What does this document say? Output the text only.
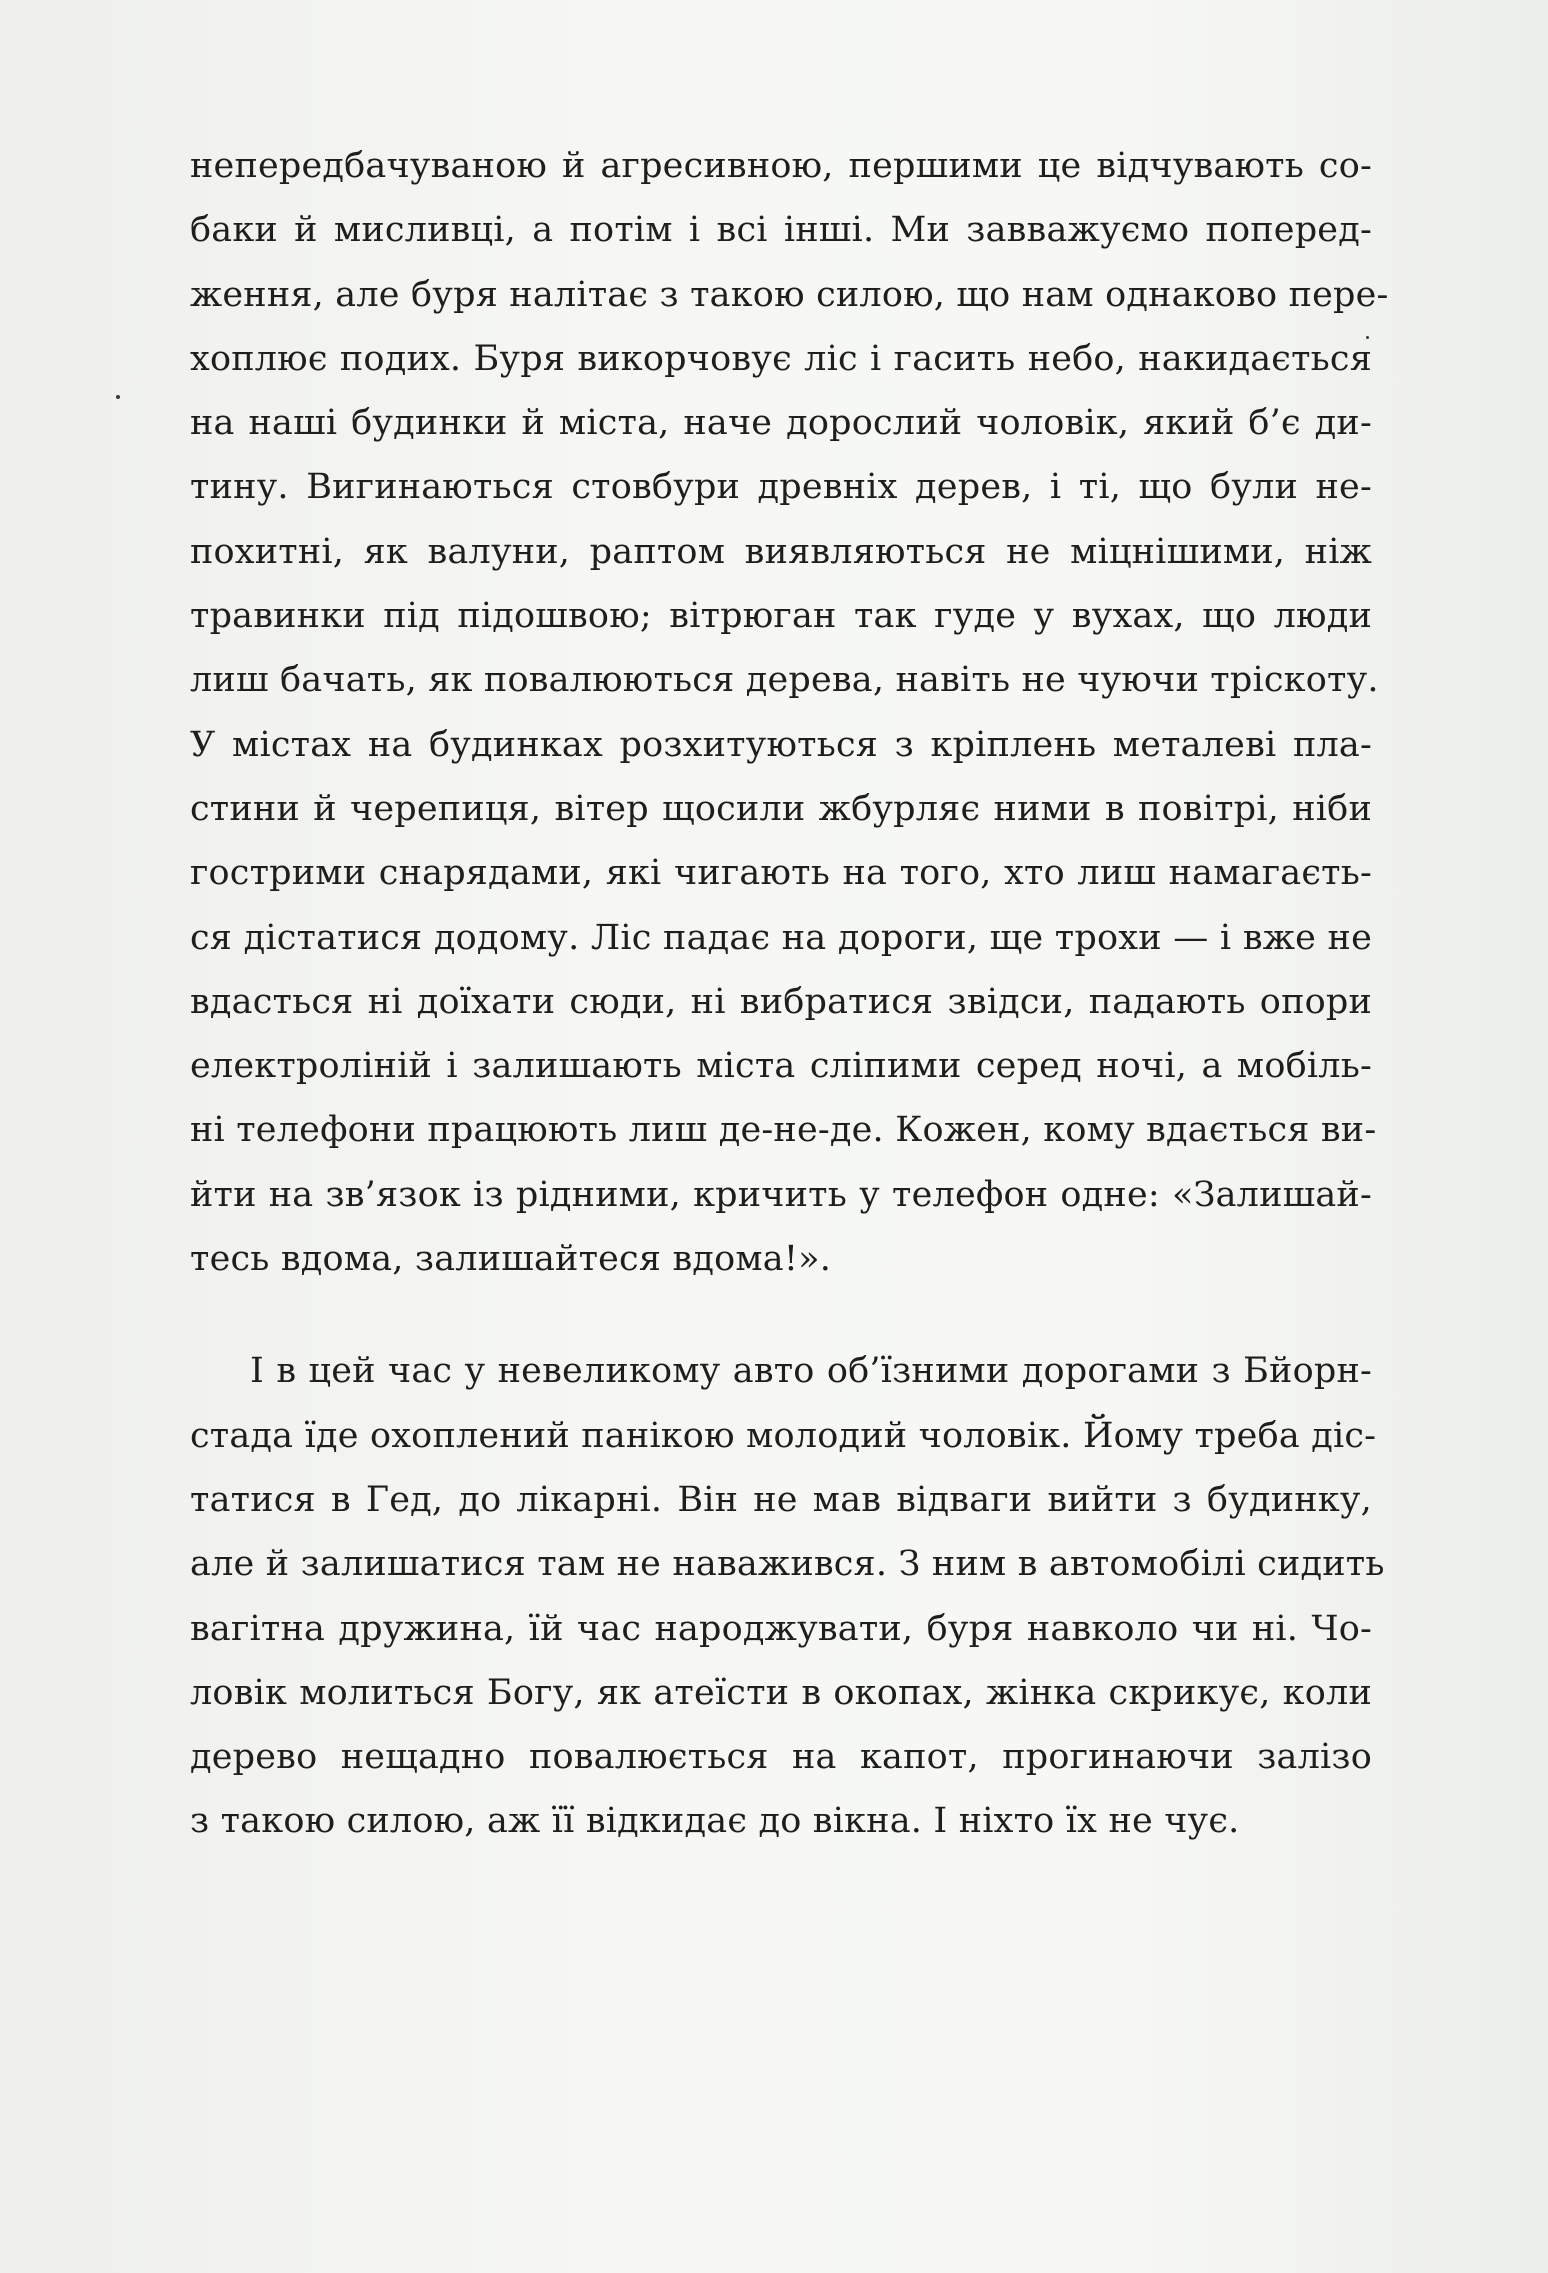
непередбачуваною й агресивною, першими це відчувають со-
баки й мисливці, а потім і всі інші. Ми завважуємо поперед-
ження, але буря налітає з такою силою, що нам однаково пере-
хоплює подих. Буря викорчовує ліс і гасить небо, накидається
на наші будинки й міста, наче дорослий чоловік, який б’є ди-
тину. Вигинаються стовбури древніх дерев, і ті, що були не-
похитні, як валуни, раптом виявляються не міцнішими, ніж
травинки під підошвою; вітрюган так гуде у вухах, що люди
лиш бачать, як повалюються дерева, навіть не чуючи тріскоту.
У містах на будинках розхитуються з кріплень металеві пла-
стини й черепиця, вітер щосили жбурляє ними в повітрі, ніби
гострими снарядами, які чигають на того, хто лиш намагаєть-
ся дістатися додому. Ліс падає на дороги, ще трохи — і вже не
вдасться ні доїхати сюди, ні вибратися звідси, падають опори
електроліній і залишають міста сліпими серед ночі, а мобіль-
ні телефони працюють лиш де-не-де. Кожен, кому вдається ви-
йти на зв’язок із рідними, кричить у телефон одне: «Залишай-
тесь вдома, залишайтеся вдома!».
І в цей час у невеликому авто об’їзними дорогами з Бйорн-
стада їде охоплений панікою молодий чоловік. Йому треба діс-
татися в Гед, до лікарні. Він не мав відваги вийти з будинку,
але й залишатися там не наважився. З ним в автомобілі сидить
вагітна дружина, їй час народжувати, буря навколо чи ні. Чо-
ловік молиться Богу, як атеїсти в окопах, жінка скрикує, коли
дерево нещадно повалюється на капот, прогинаючи залізо
з такою силою, аж її відкидає до вікна. І ніхто їх не чує.
